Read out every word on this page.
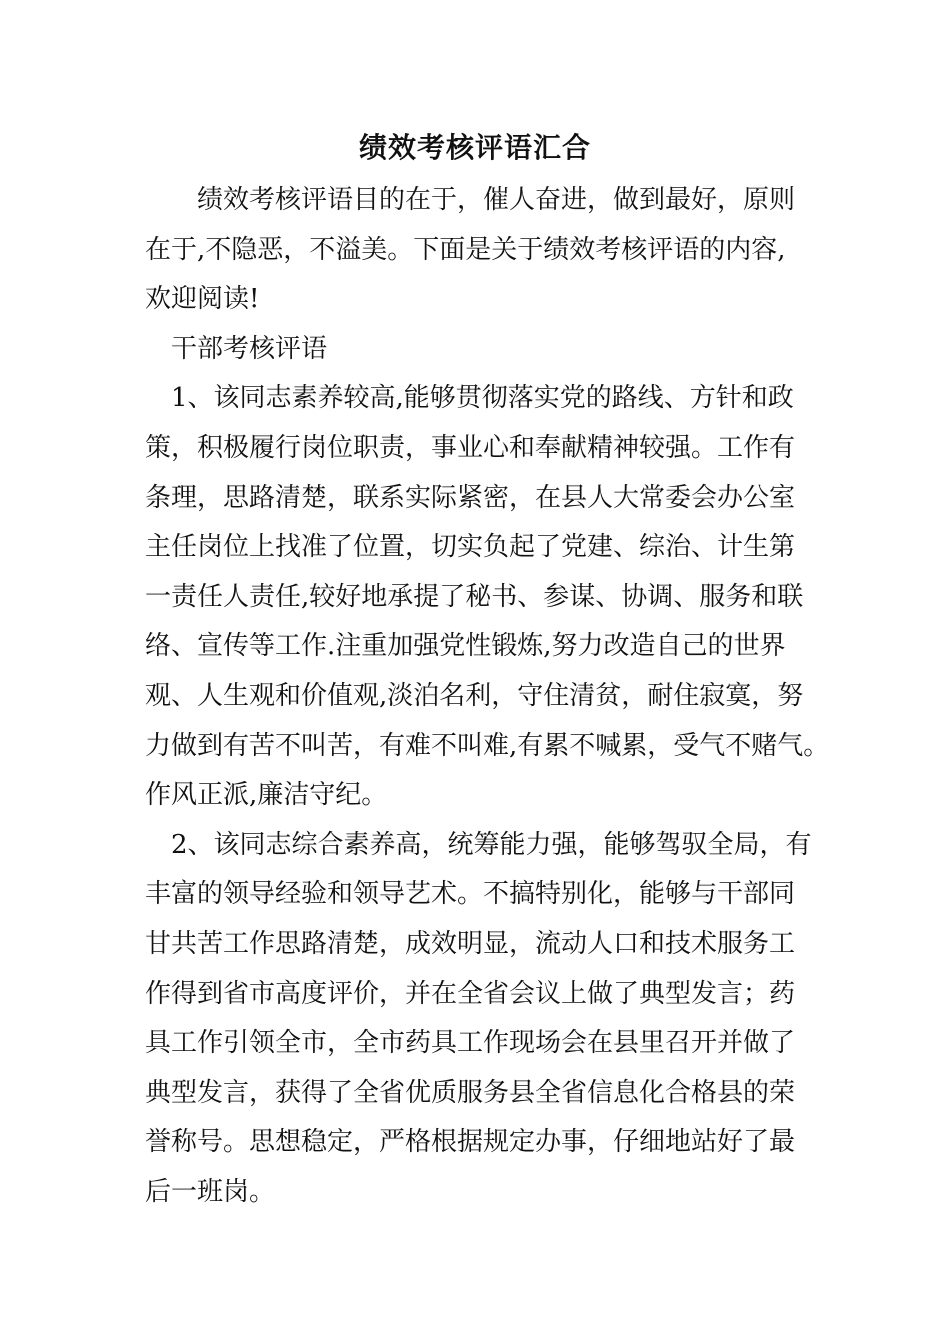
绩效考核评语汇合
绩效考核评语目的在于，催人奋进，做到最好，原则
在于,不隐恶，不溢美。下面是关于绩效考核评语的内容,
欢迎阅读!
干部考核评语
1、该同志素养较高,能够贯彻落实党的路线、方针和政
策，积极履行岗位职责，事业心和奉献精神较强。工作有
条理，思路清楚，联系实际紧密，在县人大常委会办公室
主任岗位上找准了位置，切实负起了党建、综治、计生第
一责任人责任,较好地承提了秘书、参谋、协调、服务和联
络、宣传等工作.注重加强党性锻炼,努力改造自己的世界
观、人生观和价值观,淡泊名利，守住清贫，耐住寂寞，努
力做到有苦不叫苦，有难不叫难,有累不喊累，受气不赌气。
作风正派,廉洁守纪。
2、该同志综合素养高，统筹能力强，能够驾驭全局，有
丰富的领导经验和领导艺术。不搞特别化，能够与干部同
甘共苦工作思路清楚，成效明显，流动人口和技术服务工
作得到省市高度评价，并在全省会议上做了典型发言；药
具工作引领全市，全市药具工作现场会在县里召开并做了
典型发言，获得了全省优质服务县全省信息化合格县的荣
誉称号。思想稳定，严格根据规定办事，仔细地站好了最
后一班岗。
